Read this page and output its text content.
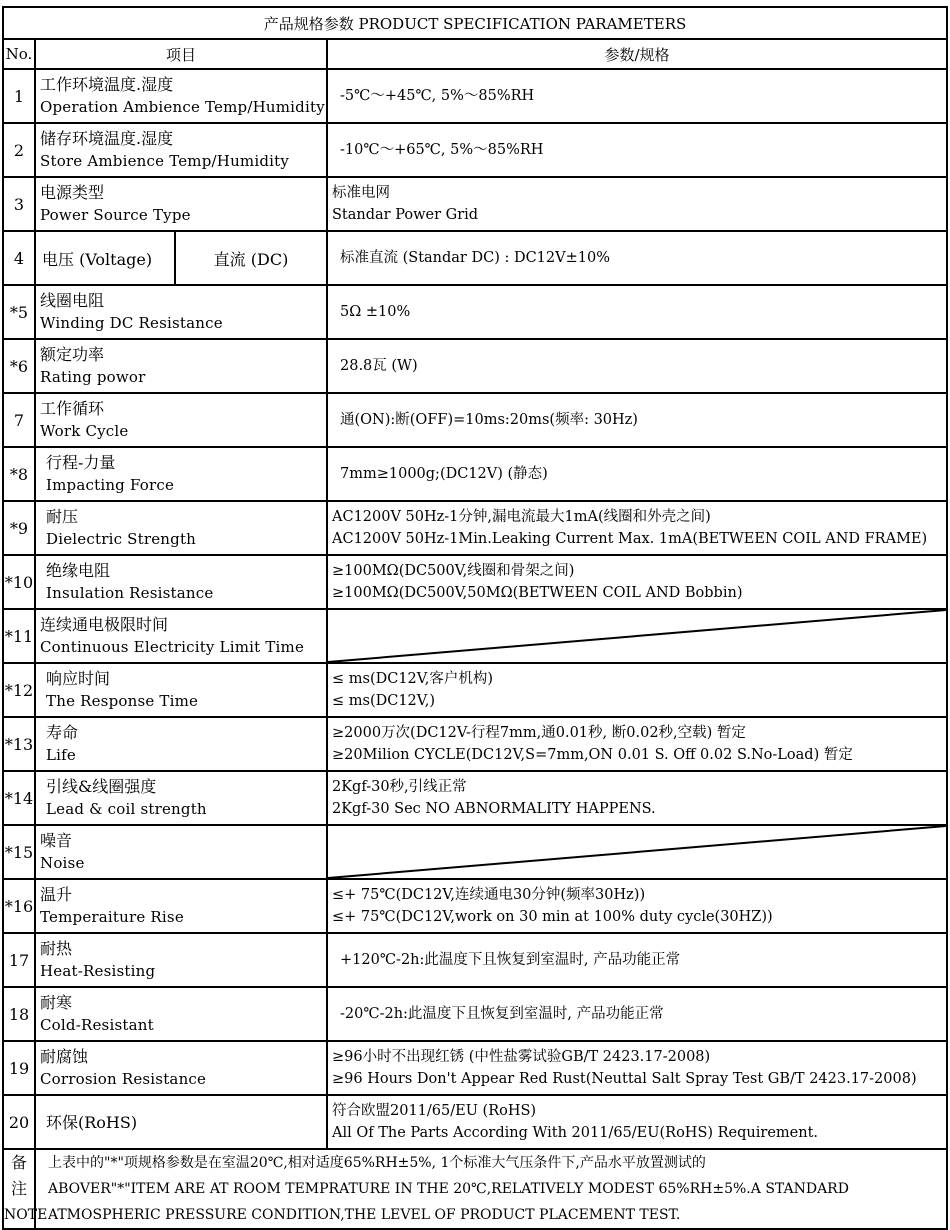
产品规格参数 PRODUCT SPECIFICATION PARAMETERS		
No.	项目	参数/规格
1	工作环境温度.湿度
Operation Ambience Temp/Humidity	-5℃～+45℃, 5%～85%RH

2	储存环境温度.湿度
Store Ambience Temp/Humidity	-10℃～+65℃, 5%～85%RH

3	电源类型
Power Source Type	标准电网
Standar Power Grid

4	电压 (Voltage) 直流 (DC)	标准直流 (Standar DC) : DC12V±10%

*5	线圈电阻
Winding DC Resistance	5Ω ±10%

*6	额定功率
Rating powor	28.8瓦 (W)

7	工作循环
Work Cycle	通(ON):断(OFF)=10ms:20ms(频率: 30Hz)

*8	行程-力量
Impacting Force	7mm≥1000g;(DC12V) (静态)

*9	耐压
Dielectric Strength	AC1200V 50Hz-1分钟,漏电流最大1mA(线圈和外壳之间)
AC1200V 50Hz-1Min.Leaking Current Max. 1mA(BETWEEN COIL AND FRAME)

*10	绝缘电阻
Insulation Resistance	≥100MΩ(DC500V,线圈和骨架之间)
≥100MΩ(DC500V,50MΩ(BETWEEN COIL AND Bobbin)

*11	连续通电极限时间
Continuous Electricity Limit Time

*12	响应时间
The Response Time	≤ ms(DC12V,客户机构)
≤ ms(DC12V,)

*13	寿命
Life	≥2000万次(DC12V-行程7mm,通0.01秒, 断0.02秒,空载) 暂定
≥20Milion CYCLE(DC12V,S=7mm,ON 0.01 S. Off 0.02 S.No-Load) 暂定

*14	引线&线圈强度
Lead & coil strength	2Kgf-30秒,引线正常
2Kgf-30 Sec NO ABNORMALITY HAPPENS.

*15	噪音
Noise

*16	温升
Temperaiture Rise	≤+ 75℃(DC12V,连续通电30分钟(频率30Hz))
≤+ 75℃(DC12V,work on 30 min at 100% duty cycle(30HZ))

17	耐热
Heat-Resisting	+120℃-2h:此温度下且恢复到室温时, 产品功能正常

18	耐寒
Cold-Resistant	-20℃-2h:此温度下且恢复到室温时, 产品功能正常

19	耐腐蚀
Corrosion Resistance	≥96小时不出现红锈 (中性盐雾试验GB/T 2423.17-2008)
≥96 Hours Don't Appear Red Rust(Neuttal Salt Spray Test GB/T 2423.17-2008)

20	环保(RoHS)	符合欧盟2011/65/EU (RoHS)
All Of The Parts According With 2011/65/EU(RoHS) Requirement.

备注
NOTE	上表中的"*"项规格参数是在室温20℃,相对适度65%RH±5%, 1个标准大气压条件下,产品水平放置测试的
ABOVER"*"ITEM ARE AT ROOM TEMPRATURE IN THE 20℃,RELATIVELY MODEST 65%RH±5%.A STANDARD
ATMOSPHERIC PRESSURE CONDITION,THE LEVEL OF PRODUCT PLACEMENT TEST.	
